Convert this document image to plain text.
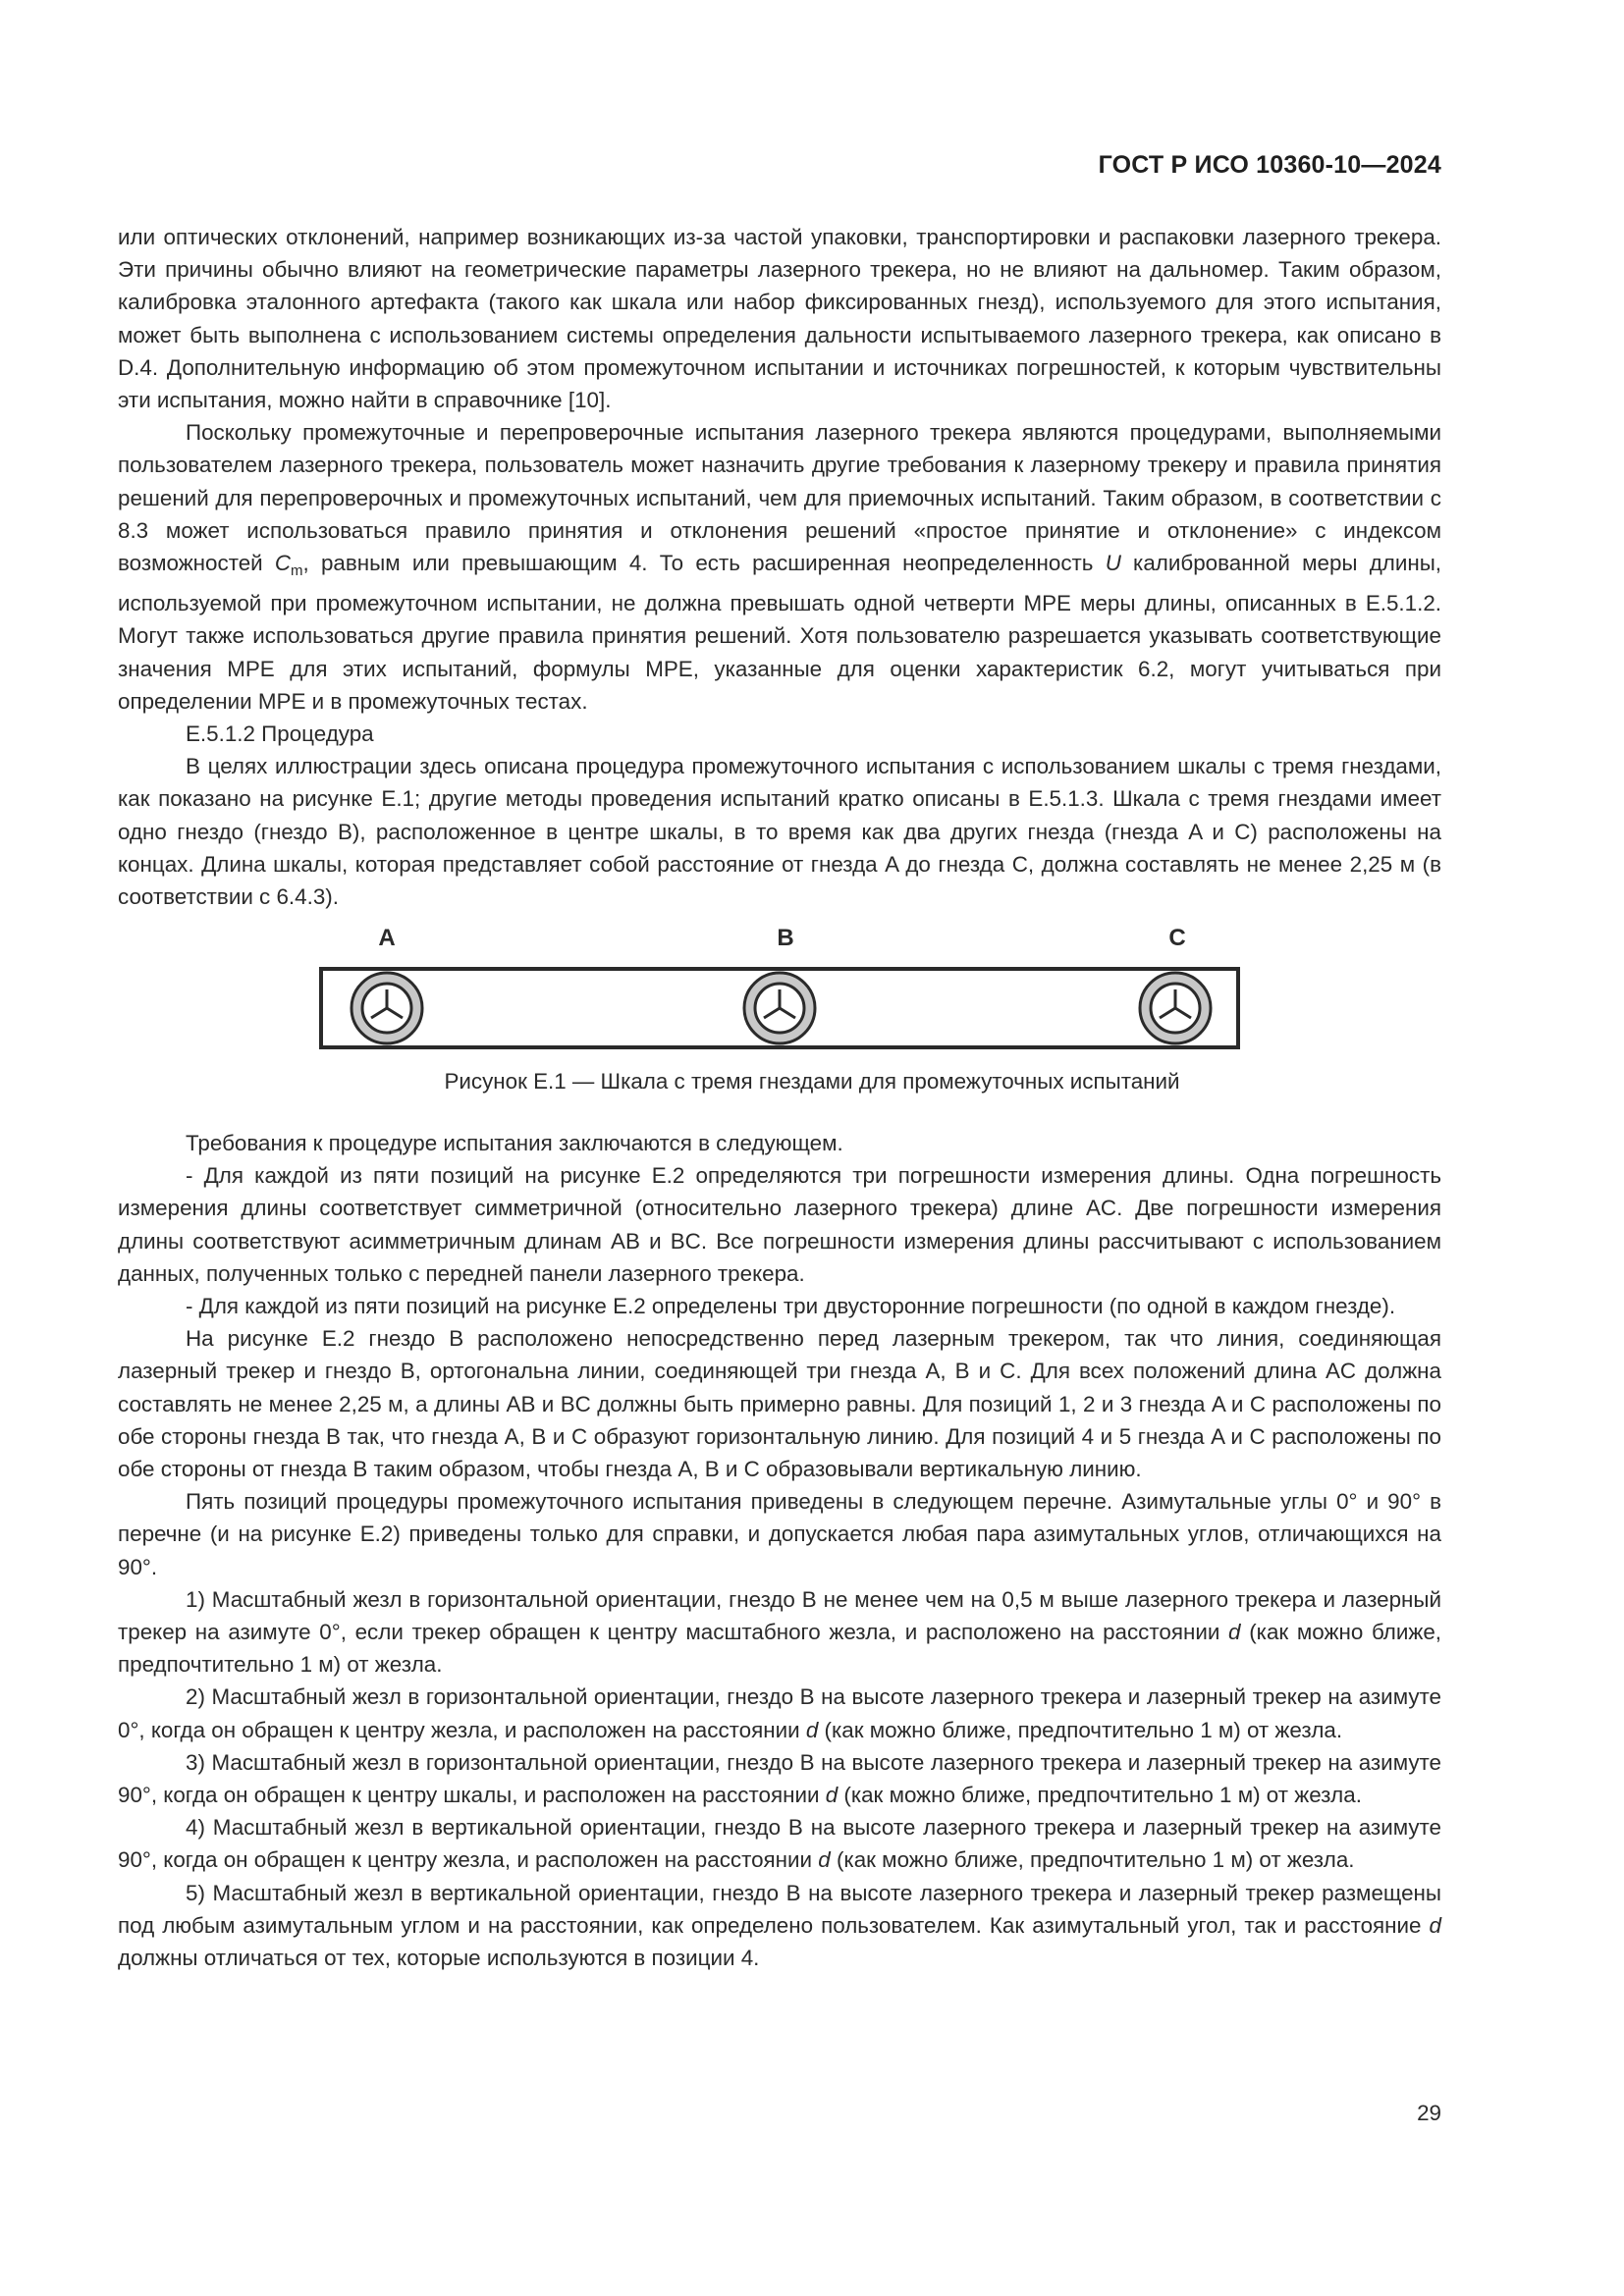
ГОСТ Р ИСО 10360-10—2024

или оптических отклонений, например возникающих из-за частой упаковки, транспортировки и распаковки лазерного трекера. Эти причины обычно влияют на геометрические параметры лазерного трекера, но не влияют на дальномер. Таким образом, калибровка эталонного артефакта (такого как шкала или набор фиксированных гнезд), используемого для этого испытания, может быть выполнена с использованием системы определения дальности испытываемого лазерного трекера, как описано в D.4. Дополнительную информацию об этом промежуточном испытании и источниках погрешностей, к которым чувствительны эти испытания, можно найти в справочнике [10].

Поскольку промежуточные и перепроверочные испытания лазерного трекера являются процедурами, выполняемыми пользователем лазерного трекера, пользователь может назначить другие требования к лазерному трекеру и правила принятия решений для перепроверочных и промежуточных испытаний, чем для приемочных испытаний. Таким образом, в соответствии с 8.3 может использоваться правило принятия и отклонения решений «простое принятие и отклонение» с индексом возможностей $C_m$, равным или превышающим 4. То есть расширенная неопределенность U калиброванной меры длины, используемой при промежуточном испытании, не должна превышать одной четверти MPE меры длины, описанных в E.5.1.2. Могут также использоваться другие правила принятия решений. Хотя пользователю разрешается указывать соответствующие значения MPE для этих испытаний, формулы MPE, указанные для оценки характеристик 6.2, могут учитываться при определении MPE и в промежуточных тестах.

E.5.1.2 Процедура

В целях иллюстрации здесь описана процедура промежуточного испытания с использованием шкалы с тремя гнездами, как показано на рисунке E.1; другие методы проведения испытаний кратко описаны в E.5.1.3. Шкала с тремя гнездами имеет одно гнездо (гнездо B), расположенное в центре шкалы, в то время как два других гнезда (гнезда A и C) расположены на концах. Длина шкалы, которая представляет собой расстояние от гнезда A до гнезда C, должна составлять не менее 2,25 м (в соответствии с 6.4.3).

A	B	C
Рисунок E.1 — Шкала с тремя гнездами для промежуточных испытаний

Требования к процедуре испытания заключаются в следующем.

- Для каждой из пяти позиций на рисунке E.2 определяются три погрешности измерения длины. Одна погрешность измерения длины соответствует симметричной (относительно лазерного трекера) длине AC. Две погрешности измерения длины соответствуют асимметричным длинам AB и BC. Все погрешности измерения длины рассчитывают с использованием данных, полученных только с передней панели лазерного трекера.

- Для каждой из пяти позиций на рисунке E.2 определены три двусторонние погрешности (по одной в каждом гнезде).

На рисунке E.2 гнездо B расположено непосредственно перед лазерным трекером, так что линия, соединяющая лазерный трекер и гнездо B, ортогональна линии, соединяющей три гнезда A, B и C. Для всех положений длина AC должна составлять не менее 2,25 м, а длины AB и BC должны быть примерно равны. Для позиций 1, 2 и 3 гнезда A и C расположены по обе стороны гнезда B так, что гнезда A, B и C образуют горизонтальную линию. Для позиций 4 и 5 гнезда A и C расположены по обе стороны от гнезда B таким образом, чтобы гнезда A, B и C образовывали вертикальную линию.

Пять позиций процедуры промежуточного испытания приведены в следующем перечне. Азимутальные углы 0° и 90° в перечне (и на рисунке E.2) приведены только для справки, и допускается любая пара азимутальных углов, отличающихся на 90°.

1) Масштабный жезл в горизонтальной ориентации, гнездо B не менее чем на 0,5 м выше лазерного трекера и лазерный трекер на азимуте 0°, если трекер обращен к центру масштабного жезла, и расположено на расстоянии d (как можно ближе, предпочтительно 1 м) от жезла.

2) Масштабный жезл в горизонтальной ориентации, гнездо B на высоте лазерного трекера и лазерный трекер на азимуте 0°, когда он обращен к центру жезла, и расположен на расстоянии d (как можно ближе, предпочтительно 1 м) от жезла.

3) Масштабный жезл в горизонтальной ориентации, гнездо B на высоте лазерного трекера и лазерный трекер на азимуте 90°, когда он обращен к центру шкалы, и расположен на расстоянии d (как можно ближе, предпочтительно 1 м) от жезла.

4) Масштабный жезл в вертикальной ориентации, гнездо B на высоте лазерного трекера и лазерный трекер на азимуте 90°, когда он обращен к центру жезла, и расположен на расстоянии d (как можно ближе, предпочтительно 1 м) от жезла.

5) Масштабный жезл в вертикальной ориентации, гнездо B на высоте лазерного трекера и лазерный трекер размещены под любым азимутальным углом и на расстоянии, как определено пользователем. Как азимутальный угол, так и расстояние d должны отличаться от тех, которые используются в позиции 4.

29
